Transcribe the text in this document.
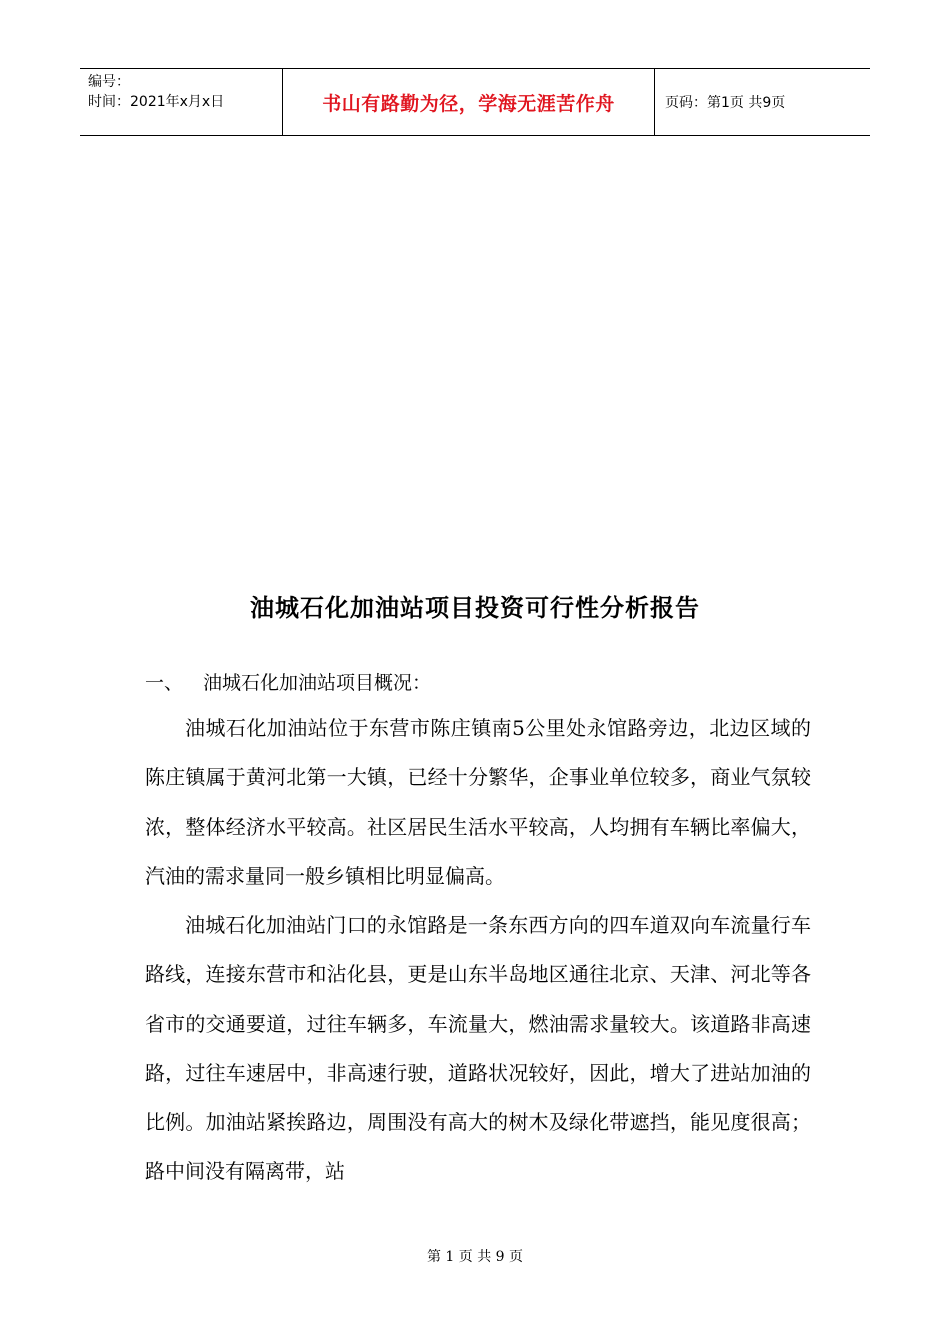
编号：
时间：2021年x月x日	书山有路勤为径，学海无涯苦作舟	页码：第1页 共9页
油城石化加油站项目投资可行性分析报告
一、 油城石化加油站项目概况：

油城石化加油站位于东营市陈庄镇南5公里处永馆路旁边，北边区域的陈庄镇属于黄河北第一大镇，已经十分繁华，企事业单位较多，商业气氛较浓，整体经济水平较高。社区居民生活水平较高，人均拥有车辆比率偏大，汽油的需求量同一般乡镇相比明显偏高。

油城石化加油站门口的永馆路是一条东西方向的四车道双向车流量行车路线，连接东营市和沾化县，更是山东半岛地区通往北京、天津、河北等各省市的交通要道，过往车辆多，车流量大，燃油需求量较大。该道路非高速路，过往车速居中，非高速行驶，道路状况较好，因此，增大了进站加油的比例。加油站紧挨路边，周围没有高大的树木及绿化带遮挡，能见度很高；路中间没有隔离带，站

第 1 页 共 9 页
